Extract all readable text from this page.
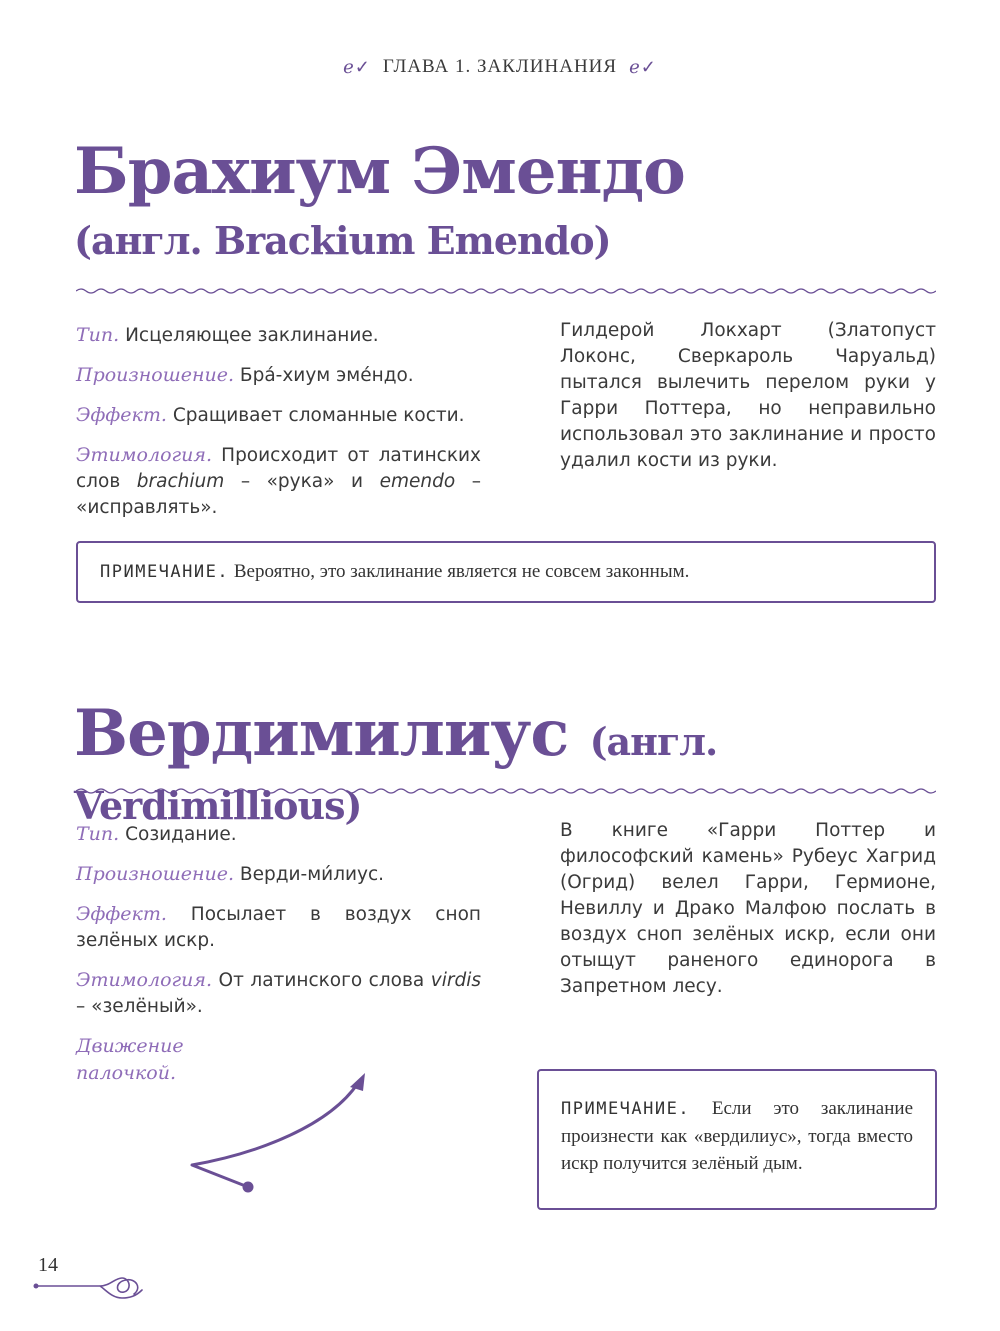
ℯ✓ ГЛАВА 1. ЗАКЛИНАНИЯ ℯ✓
Брахиум Эмендо
(англ. Brackium Emendo)
Тип. Исцеляющее заклинание.
Произношение. Бра́-хиум эме́ндо.
Эффект. Сращивает сломанные кости.
Этимология. Происходит от латинских слов brachium – «рука» и emendo – «исправлять».
Гилдерой Локхарт (Златопуст Локонс, Сверкароль Чаруальд) пытался вылечить перелом руки у Гарри Поттера, но неправильно использовал это заклинание и просто удалил кости из руки.
ПРИМЕЧАНИЕ. Вероятно, это заклинание является не совсем законным.
Вердимилиус (англ. Verdimillious)
Тип. Созидание.
Произношение. Верди-ми́лиус.
Эффект. Посылает в воздух сноп зелёных искр.
Этимология. От латинского слова virdis – «зелёный».
Движение палочкой.
В книге «Гарри Поттер и философский камень» Рубеус Хагрид (Огрид) велел Гарри, Гермионе, Невиллу и Драко Малфою послать в воздух сноп зелёных искр, если они отыщут раненого единорога в Запретном лесу.
ПРИМЕЧАНИЕ. Если это заклинание произнести как «вердилиус», тогда вместо искр получится зелёный дым.
14
